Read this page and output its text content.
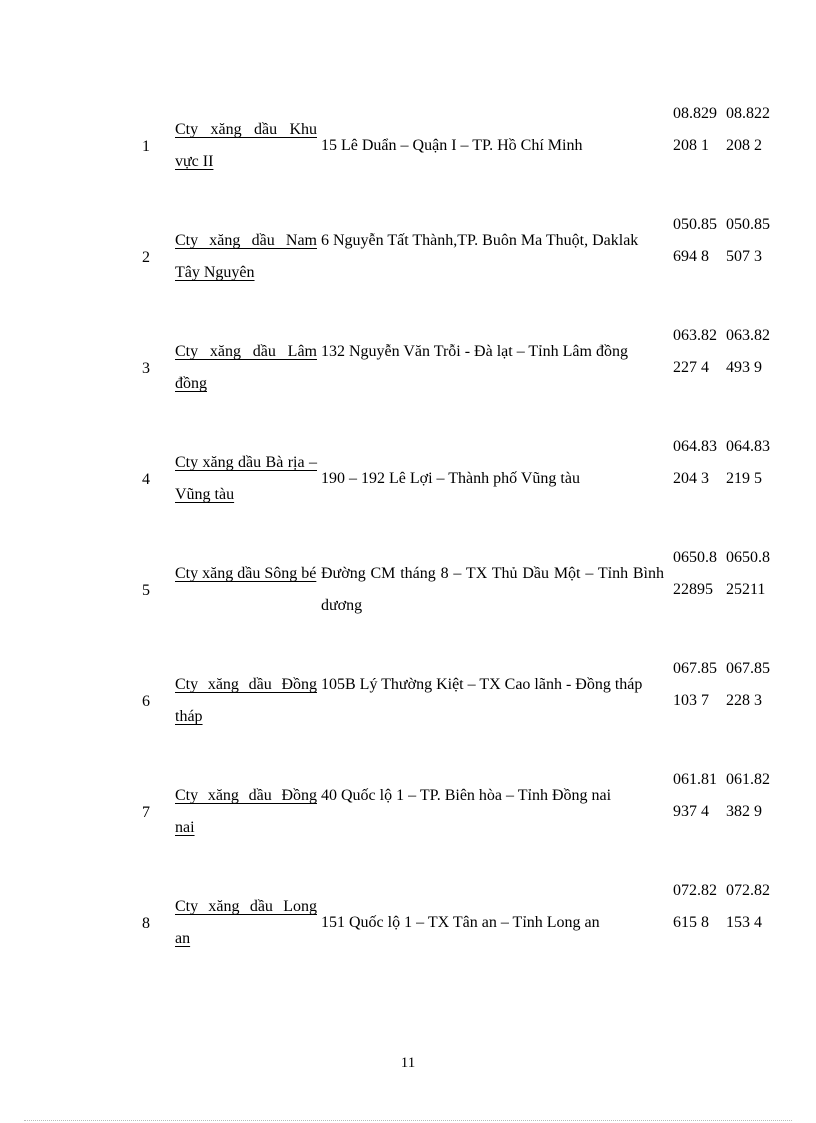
1
Cty xăng dầu Khu vực II
15 Lê Duẩn – Quận I – TP. Hồ Chí Minh
08.829208 1
08.822208 2
2
Cty xăng dầu Nam Tây Nguyên
6 Nguyễn Tất Thành,TP. Buôn Ma Thuột, Daklak
050.85694 8
050.85507 3
3
Cty xăng dầu Lâm đồng
132 Nguyễn Văn Trỗi - Đà lạt – Tỉnh Lâm đồng
063.82227 4
063.82493 9
4
Cty xăng dầu Bà rịa – Vũng tàu
190 – 192 Lê Lợi – Thành phố Vũng tàu
064.83204 3
064.83219 5
5
Cty xăng dầu Sông bé Đường CM tháng 8 – TX Thủ Dầu Một – Tỉnh Bình dương
0650.822895
0650.825211
6
Cty xăng dầu Đồng tháp
105B Lý Thường Kiệt – TX Cao lãnh - Đồng tháp
067.85103 7
067.85228 3
7
Cty xăng dầu Đồng nai
40 Quốc lộ 1 – TP. Biên hòa – Tỉnh Đồng nai
061.81937 4
061.82382 9
8
Cty xăng dầu Long an
151 Quốc lộ 1 – TX Tân an – Tỉnh Long an
072.82615 8
072.82153 4
11
